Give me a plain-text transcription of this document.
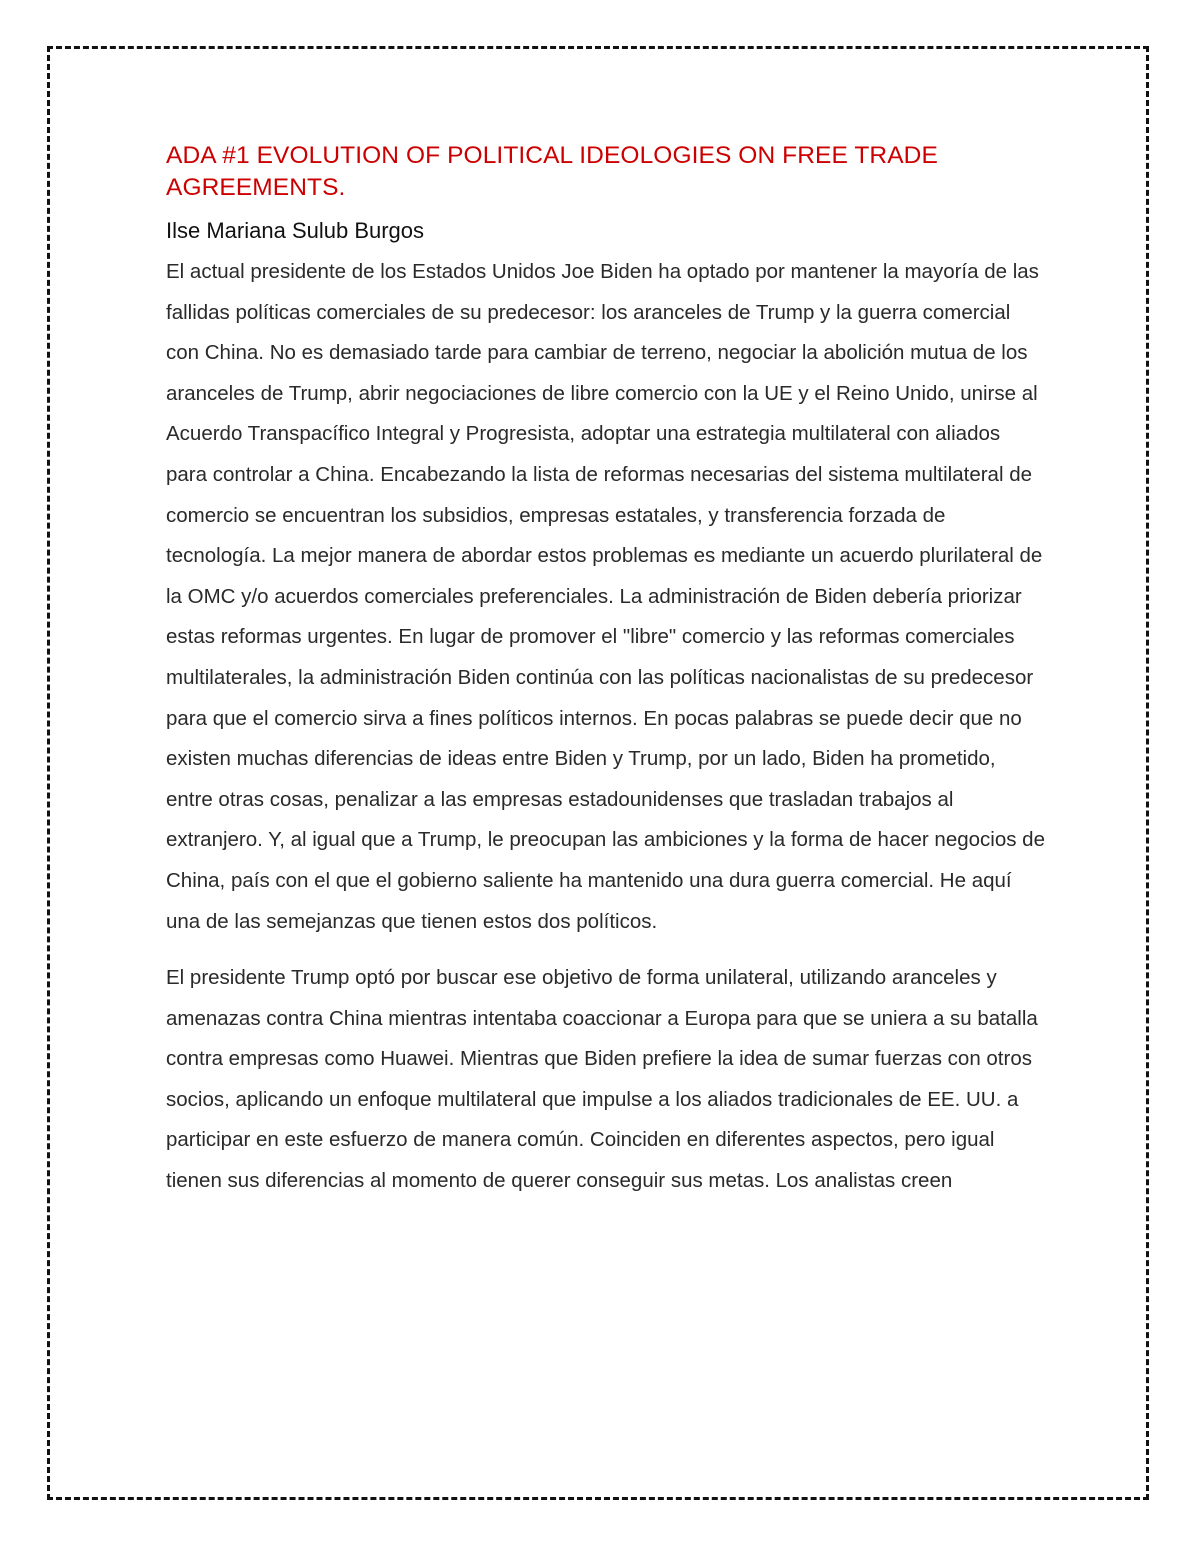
ADA #1 EVOLUTION OF POLITICAL IDEOLOGIES ON FREE TRADE AGREEMENTS.
Ilse Mariana Sulub Burgos

El actual presidente de los Estados Unidos Joe Biden ha optado por mantener la mayoría de las fallidas políticas comerciales de su predecesor: los aranceles de Trump y la guerra comercial con China. No es demasiado tarde para cambiar de terreno, negociar la abolición mutua de los aranceles de Trump, abrir negociaciones de libre comercio con la UE y el Reino Unido, unirse al Acuerdo Transpacífico Integral y Progresista, adoptar una estrategia multilateral con aliados para controlar a China. Encabezando la lista de reformas necesarias del sistema multilateral de comercio se encuentran los subsidios, empresas estatales, y transferencia forzada de tecnología. La mejor manera de abordar estos problemas es mediante un acuerdo plurilateral de la OMC y/o acuerdos comerciales preferenciales. La administración de Biden debería priorizar estas reformas urgentes. En lugar de promover el "libre" comercio y las reformas comerciales multilaterales, la administración Biden continúa con las políticas nacionalistas de su predecesor para que el comercio sirva a fines políticos internos. En pocas palabras se puede decir que no existen muchas diferencias de ideas entre Biden y Trump, por un lado, Biden ha prometido, entre otras cosas, penalizar a las empresas estadounidenses que trasladan trabajos al extranjero. Y, al igual que a Trump, le preocupan las ambiciones y la forma de hacer negocios de China, país con el que el gobierno saliente ha mantenido una dura guerra comercial. He aquí una de las semejanzas que tienen estos dos políticos.

El presidente Trump optó por buscar ese objetivo de forma unilateral, utilizando aranceles y amenazas contra China mientras intentaba coaccionar a Europa para que se uniera a su batalla contra empresas como Huawei. Mientras que Biden prefiere la idea de sumar fuerzas con otros socios, aplicando un enfoque multilateral que impulse a los aliados tradicionales de EE. UU. a participar en este esfuerzo de manera común. Coinciden en diferentes aspectos, pero igual tienen sus diferencias al momento de querer conseguir sus metas. Los analistas creen
